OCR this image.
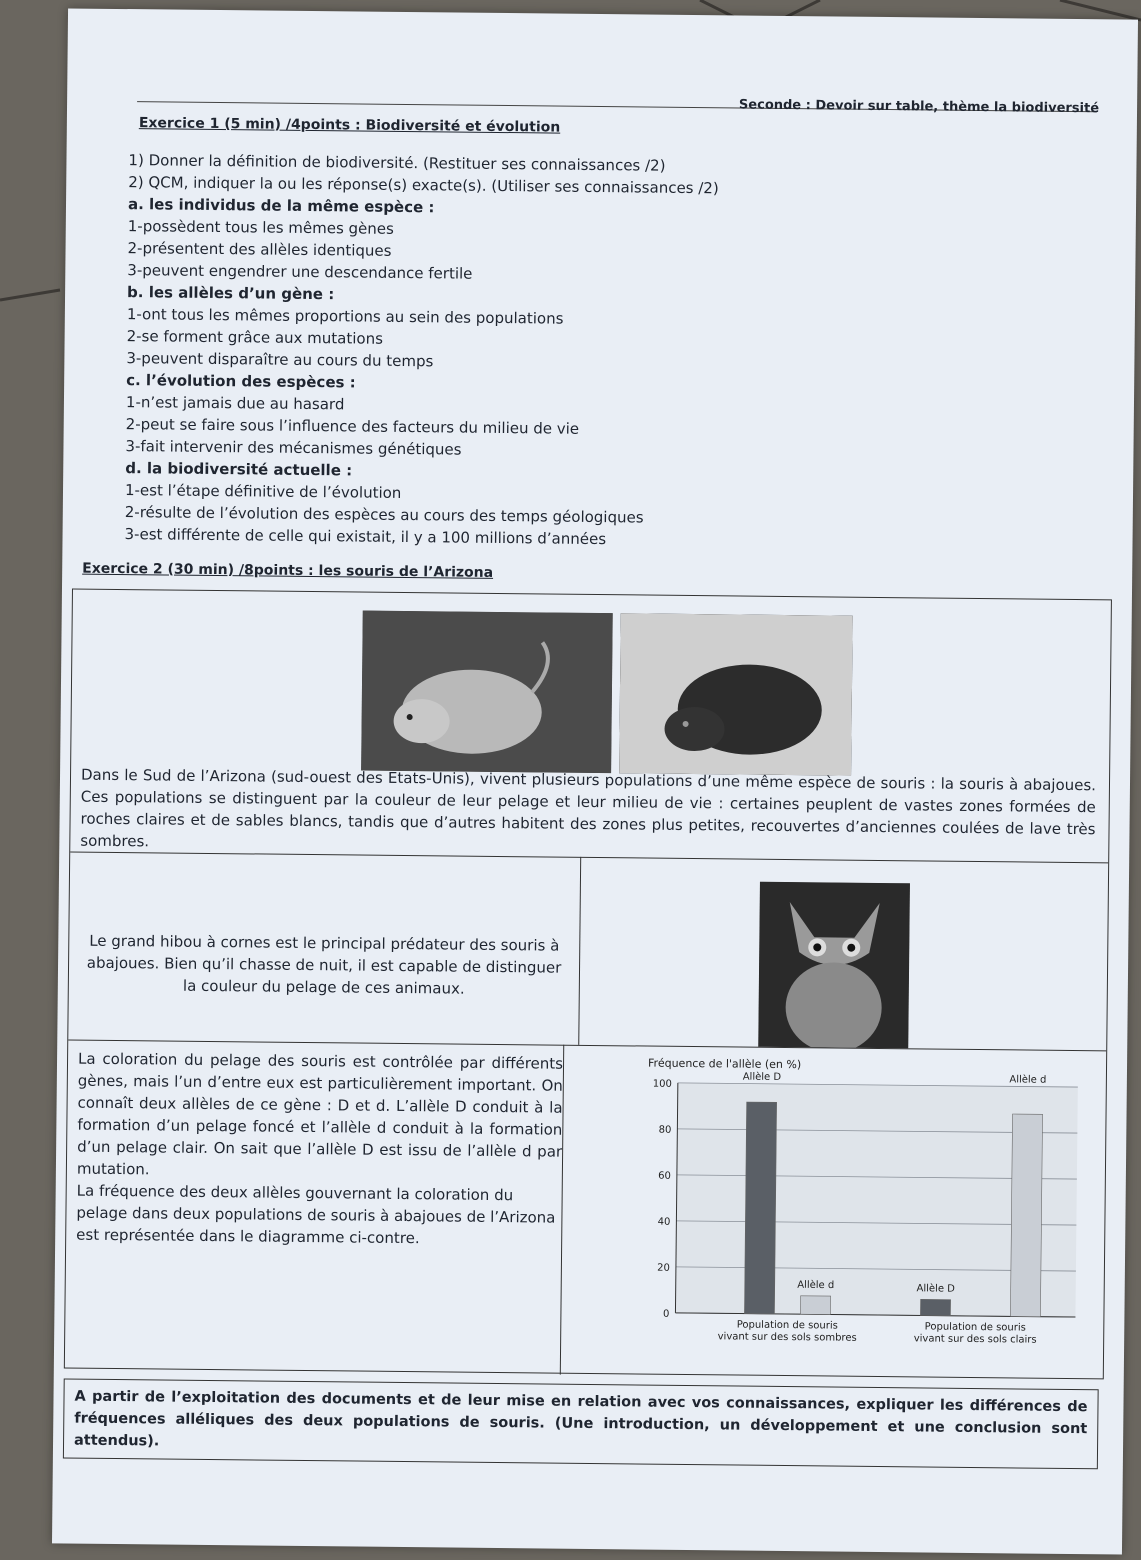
Seconde : Devoir sur table, thème la biodiversité
Exercice 1 (5 min) /4points : Biodiversité et évolution
1) Donner la définition de biodiversité. (Restituer ses connaissances /2)
2) QCM, indiquer la ou les réponse(s) exacte(s). (Utiliser ses connaissances /2)
a. les individus de la même espèce :
1-possèdent tous les mêmes gènes
2-présentent des allèles identiques
3-peuvent engendrer une descendance fertile
b. les allèles d’un gène :
1-ont tous les mêmes proportions au sein des populations
2-se forment grâce aux mutations
3-peuvent disparaître au cours du temps
c. l’évolution des espèces :
1-n’est jamais due au hasard
2-peut se faire sous l’influence des facteurs du milieu de vie
3-fait intervenir des mécanismes génétiques
d. la biodiversité actuelle :
1-est l’étape définitive de l’évolution
2-résulte de l’évolution des espèces au cours des temps géologiques
3-est différente de celle qui existait, il y a 100 millions d’années
Exercice 2 (30 min) /8points : les souris de l’Arizona
Dans le Sud de l’Arizona (sud-ouest des Etats-Unis), vivent plusieurs populations d’une même espèce de souris : la souris à abajoues. Ces populations se distinguent par la couleur de leur pelage et leur milieu de vie : certaines peuplent de vastes zones formées de roches claires et de sables blancs, tandis que d’autres habitent des zones plus petites, recouvertes d’anciennes coulées de lave très sombres.
Le grand hibou à cornes est le principal prédateur des souris à abajoues. Bien qu’il chasse de nuit, il est capable de distinguer la couleur du pelage de ces animaux.
La coloration du pelage des souris est contrôlée par différents gènes, mais l’un d’entre eux est particulièrement important. On connaît deux allèles de ce gène : D et d. L’allèle D conduit à la formation d’un pelage foncé et l’allèle d conduit à la formation d’un pelage clair. On sait que l’allèle D est issu de l’allèle d par mutation.
La fréquence des deux allèles gouvernant la coloration du pelage dans deux populations de souris à abajoues de l’Arizona est représentée dans le diagramme ci-contre.
Fréquence de l'allèle (en %)
0
20
40
60
80
100
Allèle D
Allèle d	Allèle D
Allèle d
Population de souris
vivant sur des sols sombres
Population de souris
vivant sur des sols clairs
A partir de l’exploitation des documents et de leur mise en relation avec vos connaissances, expliquer les différences de fréquences alléliques des deux populations de souris. (Une introduction, un développement et une conclusion sont attendus).
